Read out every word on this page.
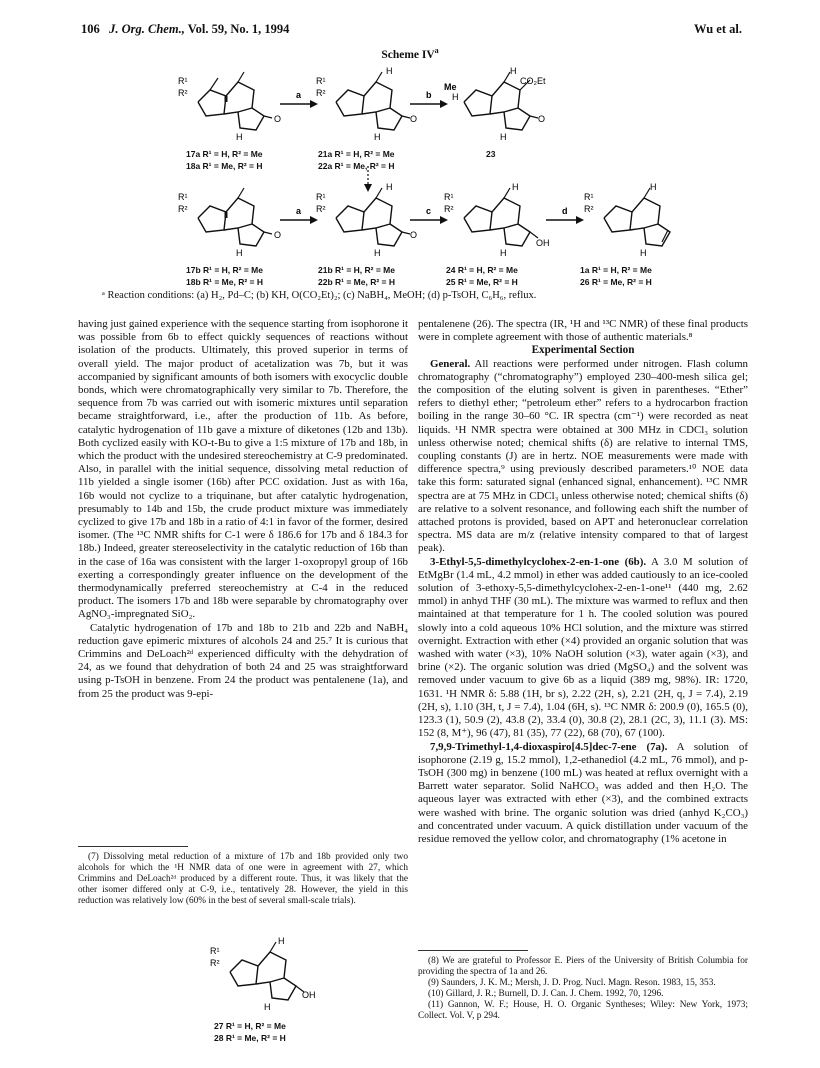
106 J. Org. Chem., Vol. 59, No. 1, 1994	Wu et al.
Scheme $IV^a$
R¹
R²
O
H
a
R¹
R²
H
O
H
b
Me
H
H
CO₂Et
O
H
R¹
R²
O
H
a
R¹
R²
H
O
H
c
R¹
R²
H
OH
H
d
R¹
R²
H
H
17a R¹ = H, R² = Me
18a R¹ = Me, R² = H
21a R¹ = H, R² = Me
22a R¹ = Me, R² = H
23
17b R¹ = H, R² = Me
18b R¹ = Me, R² = H
21b R¹ = H, R² = Me
22b R¹ = Me, R² = H
24 R¹ = H, R² = Me
25 R¹ = Me, R² = H
1a R¹ = H, R² = Me
26 R¹ = Me, R² = H
ᵃ Reaction conditions: (a) H₂, Pd–C; (b) KH, O(CO₂Et)₂; (c) NaBH₄, MeOH; (d) p-TsOH, C₆H₆, reflux.

having just gained experience with the sequence starting from isophorone it was possible from 6b to effect quickly sequences of reactions without isolation of the products. Ultimately, this proved superior in terms of overall yield. The major product of acetalization was 7b, but it was accompanied by significant amounts of both isomers with exocyclic double bonds, which were chromatographically very similar to 7b. Therefore, the sequence from 7b was carried out with isomeric mixtures until separation became straightforward, i.e., after the production of 11b. As before, catalytic hydrogenation of 11b gave a mixture of diketones (12b and 13b). Both cyclized easily with KO-t-Bu to give a 1:5 mixture of 17b and 18b, in which the product with the undesired stereochemistry at C-9 predominated. Also, in parallel with the initial sequence, dissolving metal reduction of 11b yielded a single isomer (16b) after PCC oxidation. Just as with 16a, 16b would not cyclize to a triquinane, but after catalytic hydrogenation, presumably to 14b and 15b, the crude product mixture was immediately cyclized to give 17b and 18b in a ratio of 4:1 in favor of the former, desired isomer. (The ¹³C NMR shifts for C-1 were δ 186.6 for 17b and δ 184.3 for 18b.) Indeed, greater stereoselectivity in the catalytic reduction of 16b than in the case of 16a was consistent with the larger 1-oxopropyl group of 16b exerting a correspondingly greater influence on the development of the thermodynamically preferred stereochemistry at C-4 in the reduced product. The isomers 17b and 18b were separable by chromatography over AgNO₃-impregnated SiO₂.

Catalytic hydrogenation of 17b and 18b to 21b and 22b and NaBH₄ reduction gave epimeric mixtures of alcohols 24 and 25.⁷ It is curious that Crimmins and DeLoach²ᵈ experienced difficulty with the dehydration of 24, as we found that dehydration of both 24 and 25 was straightforward using p-TsOH in benzene. From 24 the product was pentalenene (1a), and from 25 the product was 9-epi-

pentalenene (26). The spectra (IR, ¹H and ¹³C NMR) of these final products were in complete agreement with those of authentic materials.⁸

Experimental Section

General. All reactions were performed under nitrogen. Flash column chromatography (“chromatography”) employed 230–400-mesh silica gel; the composition of the eluting solvent is given in parentheses. “Ether” refers to diethyl ether; “petroleum ether” refers to a hydrocarbon fraction boiling in the range 30–60 °C. IR spectra (cm⁻¹) were recorded as neat liquids. ¹H NMR spectra were obtained at 300 MHz in CDCl₃ solution unless otherwise noted; chemical shifts (δ) are relative to internal TMS, coupling constants (J) are in hertz. NOE measurements were made with difference spectra,⁹ using previously described parameters.¹⁰ NOE data take this form: saturated signal (enhanced signal, enhancement). ¹³C NMR spectra are at 75 MHz in CDCl₃ unless otherwise noted; chemical shifts (δ) are relative to a solvent resonance, and following each shift the number of attached protons is provided, based on APT and heteronuclear correlation spectra. MS data are m/z (relative intensity compared to that of largest peak).

3-Ethyl-5,5-dimethylcyclohex-2-en-1-one (6b). A 3.0 M solution of EtMgBr (1.4 mL, 4.2 mmol) in ether was added cautiously to an ice-cooled solution of 3-ethoxy-5,5-dimethylcyclohex-2-en-1-one¹¹ (440 mg, 2.62 mmol) in anhyd THF (30 mL). The mixture was warmed to reflux and then maintained at that temperature for 1 h. The cooled solution was poured slowly into a cold aqueous 10% HCl solution, and the mixture was stirred overnight. Extraction with ether (×4) provided an organic solution that was washed with water (×3), 10% NaOH solution (×3), water again (×3), and brine (×2). The organic solution was dried (MgSO₄) and the solvent was removed under vacuum to give 6b as a liquid (389 mg, 98%). IR: 1720, 1631. ¹H NMR δ: 5.88 (1H, br s), 2.22 (2H, s), 2.21 (2H, q, J = 7.4), 2.19 (2H, s), 1.10 (3H, t, J = 7.4), 1.04 (6H, s). ¹³C NMR δ: 200.9 (0), 165.5 (0), 123.3 (1), 50.9 (2), 43.8 (2), 33.4 (0), 30.8 (2), 28.1 (2C, 3), 11.1 (3). MS: 152 (8, M⁺), 96 (47), 81 (35), 77 (22), 68 (70), 67 (100).

7,9,9-Trimethyl-1,4-dioxaspiro[4.5]dec-7-ene (7a). A solution of isophorone (2.19 g, 15.2 mmol), 1,2-ethanediol (4.2 mL, 76 mmol), and p-TsOH (300 mg) in benzene (100 mL) was heated at reflux overnight with a Barrett water separator. Solid NaHCO₃ was added and then H₂O. The aqueous layer was extracted with ether (×3), and the combined extracts were washed with brine. The organic solution was dried (anhyd K₂CO₃) and concentrated under vacuum. A quick distillation under vacuum of the residue removed the yellow color, and chromatography (1% acetone in

(7) Dissolving metal reduction of a mixture of 17b and 18b provided only two alcohols for which the ¹H NMR data of one were in agreement with 27, which Crimmins and DeLoach²ᵈ produced by a different route. Thus, it was likely that the other isomer differed only at C-9, i.e., tentatively 28. However, the yield in this reduction was relatively low (60% in the best of several small-scale trials).

R¹
R²
H
OH
H
27 R¹ = H, R² = Me
28 R¹ = Me, R² = H

(8) We are grateful to Professor E. Piers of the University of British Columbia for providing the spectra of 1a and 26.

(9) Saunders, J. K. M.; Mersh, J. D. Prog. Nucl. Magn. Reson. 1983, 15, 353.

(10) Gillard, J. R.; Burnell, D. J. Can. J. Chem. 1992, 70, 1296.

(11) Gannon, W. F.; House, H. O. Organic Syntheses; Wiley: New York, 1973; Collect. Vol. V, p 294.
